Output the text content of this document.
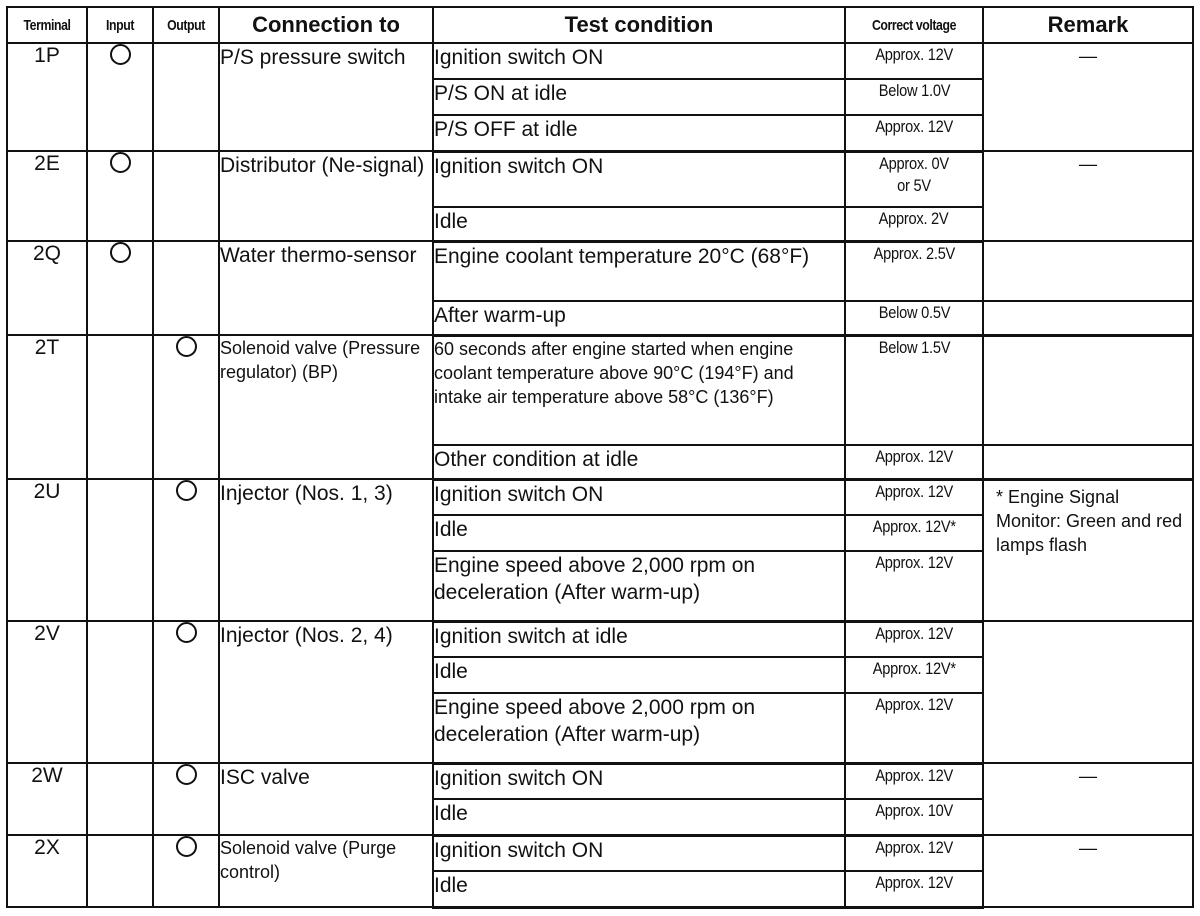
Terminal	Input	Output	Connection to	Test condition	Correct voltage	Remark
1P			P/S pressure switch	Ignition switch ON	Approx. 12V	—
				P/S ON at idle	Below 1.0V	
				P/S OFF at idle	Approx. 12V	
2E			Distributor (Ne-signal)	Ignition switch ON	Approx. 0V or 5V	—
				Idle	Approx. 2V	
2Q			Water thermo-sensor	Engine coolant temperature 20°C (68°F)	Approx. 2.5V	
				After warm-up	Below 0.5V	
2T			Solenoid valve (Pressure regulator) (BP)	60 seconds after engine started when engine coolant temperature above 90°C (194°F) and intake air temperature above 58°C (136°F)	Below 1.5V	
				Other condition at idle	Approx. 12V	
2U			Injector (Nos. 1, 3)	Ignition switch ON	Approx. 12V	* Engine Signal Monitor: Green and red lamps flash
				Idle	Approx. 12V*	
				Engine speed above 2,000 rpm on deceleration (After warm-up)	Approx. 12V	
2V			Injector (Nos. 2, 4)	Ignition switch at idle	Approx. 12V	
				Idle	Approx. 12V*	
				Engine speed above 2,000 rpm on deceleration (After warm-up)	Approx. 12V	
2W			ISC valve	Ignition switch ON	Approx. 12V	—
				Idle	Approx. 10V	
2X			Solenoid valve (Purge control)	Ignition switch ON	Approx. 12V	—
				Idle	Approx. 12V	
